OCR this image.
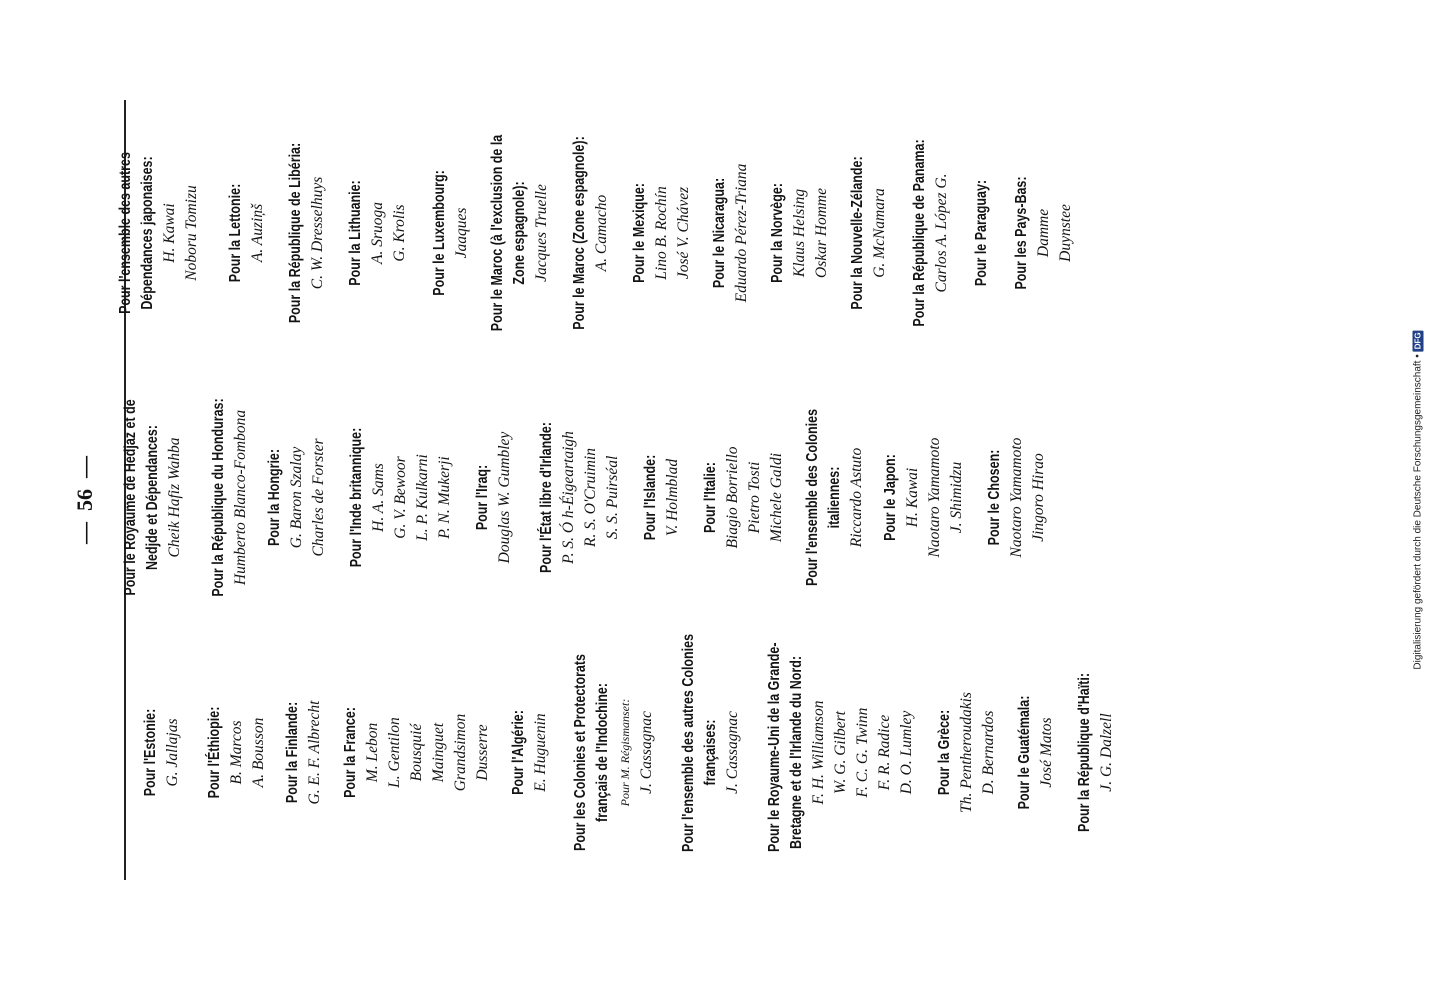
—  56  —
Pour l'Estonie: G. Jallajas Pour l'Éthiopie: B. Marcos A. Bousson Pour la Finlande: G. E. F. Albrecht Pour la France: M. Lebon L. Gentilon Bousquié Mainguet Grandsimon Dusserre Pour l'Algérie: E. Huguenin Pour les Colonies et Protectorats français de l'Indochine: Pour M. Régismanset: J. Cassagnac Pour l'ensemble des autres Colonies françaises: J. Cassagnac Pour le Royaume-Uni de la Grande- Bretagne et de l'Irlande du Nord: F. H. Williamson W. G. Gilbert F. C. G. Twinn F. R. Radice D. O. Lumley Pour la Grèce: Th. Pentheroudakis D. Bernardos Pour le Guatémala: José Matos Pour la République d'Haïti: J. G. Dalzell
Pour le Royaume de Hedjaz et de Nedjde et Dépendances: Cheik Hafiz Wahba Pour la République du Honduras: Humberto Blanco-Fombona Pour la Hongrie: G. Baron Szalay Charles de Forster Pour l'Inde britannique: H. A. Sams G. V. Bewoor L. P. Kulkarni P. N. Mukerji Pour l'Iraq: Douglas W. Gumbley Pour l'État libre d'Irlande: P. S. Ó h-Éigeartaigh R. S. O'Cruimin S. S. Puirséal Pour l'Islande: V. Holmblad Pour l'Italie: Biagio Borriello Pietro Tosti Michele Galdi Pour l'ensemble des Colonies italiennes: Riccardo Astuto Pour le Japon: H. Kawai Naotaro Yamamoto J. Shimidzu Pour le Chosen: Naotaro Yamamoto Jingoro Hirao
Pour l'ensemble des autres Dépendances japonaises: H. Kawai Noboru Tomizu Pour la Lettonie: A. Auziņš Pour la République de Libéria: C. W. Dresselhuys Pour la Lithuanie: A. Sruoga G. Krolis Pour le Luxembourg: Jaaques Pour le Maroc (à l'exclusion de la Zone espagnole): Jacques Truelle Pour le Maroc (Zone espagnole): A. Camacho Pour le Mexique: Lino B. Rochín José V. Chávez Pour le Nicaragua: Eduardo Pérez-Triana Pour la Norvège: Klaus Helsing Oskar Homme Pour la Nouvelle-Zélande: G. McNamara Pour la République de Panama: Carlos A. López G. Pour le Paraguay: Pour les Pays-Bas: Damme Duynstee
Digitalisierung gefördert durch die Deutsche Forschungsgemeinschaft •
DFG
